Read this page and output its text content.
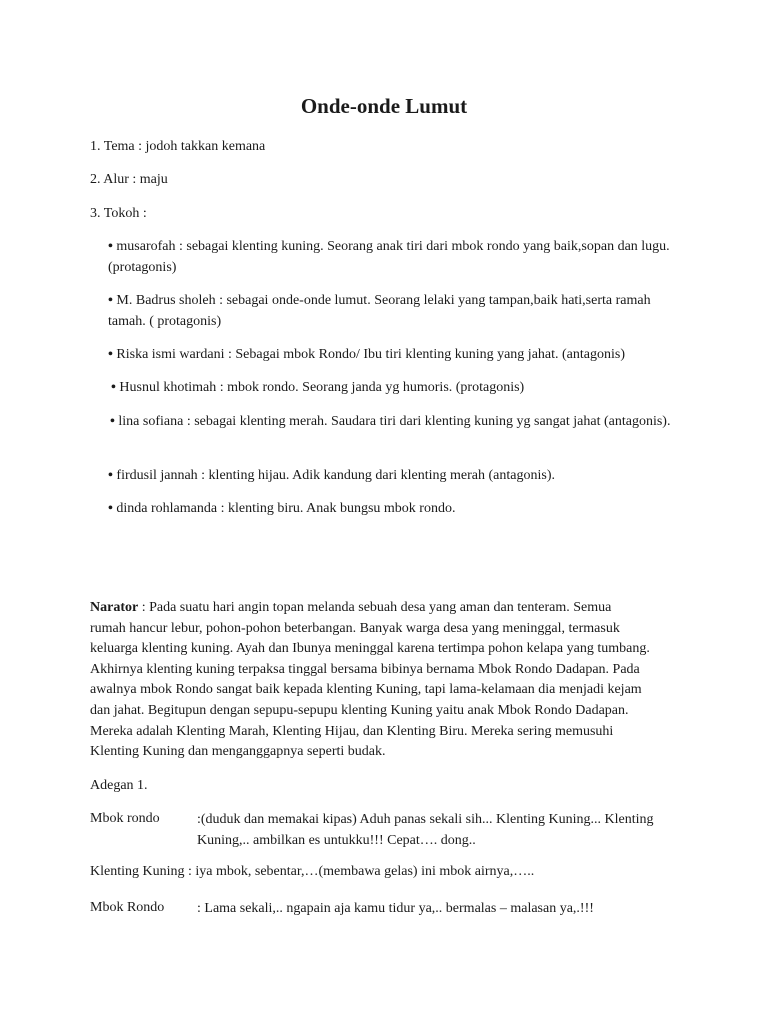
Onde-onde Lumut

1. Tema : jodoh takkan kemana

2. Alur : maju

3. Tokoh :

• musarofah : sebagai klenting kuning. Seorang anak tiri dari mbok rondo yang baik,sopan dan lugu. (protagonis)

• M. Badrus sholeh : sebagai onde-onde lumut. Seorang lelaki yang tampan,baik hati,serta ramah tamah. ( protagonis)

• Riska ismi wardani : Sebagai mbok Rondo/ Ibu tiri klenting kuning yang jahat. (antagonis)

• Husnul khotimah : mbok rondo. Seorang janda yg humoris. (protagonis)

• lina sofiana : sebagai klenting merah. Saudara tiri dari klenting kuning yg sangat jahat (antagonis).

• firdusil jannah : klenting hijau. Adik kandung dari klenting merah (antagonis).

• dinda rohlamanda : klenting biru. Anak bungsu mbok rondo.

Narator : Pada suatu hari angin topan melanda sebuah desa yang aman dan tenteram. Semua rumah hancur lebur, pohon-pohon beterbangan. Banyak warga desa yang meninggal, termasuk keluarga klenting kuning. Ayah dan Ibunya meninggal karena tertimpa pohon kelapa yang tumbang. Akhirnya klenting kuning terpaksa tinggal bersama bibinya bernama Mbok Rondo Dadapan. Pada awalnya mbok Rondo sangat baik kepada klenting Kuning, tapi lama-kelamaan dia menjadi kejam dan jahat. Begitupun dengan sepupu-sepupu klenting Kuning yaitu anak Mbok Rondo Dadapan. Mereka adalah Klenting Marah, Klenting Hijau, dan Klenting Biru. Mereka sering memusuhi Klenting Kuning dan menganggapnya seperti budak.

Adegan 1.

Mbok rondo	:(duduk dan memakai kipas) Aduh panas sekali sih... Klenting Kuning... Klenting Kuning,.. ambilkan es untukku!!! Cepat…. dong..

Klenting Kuning : iya mbok, sebentar,…(membawa gelas) ini mbok airnya,…..

Mbok Rondo : Lama sekali,.. ngapain aja kamu tidur ya,.. bermalas – malasan ya,.!!!
